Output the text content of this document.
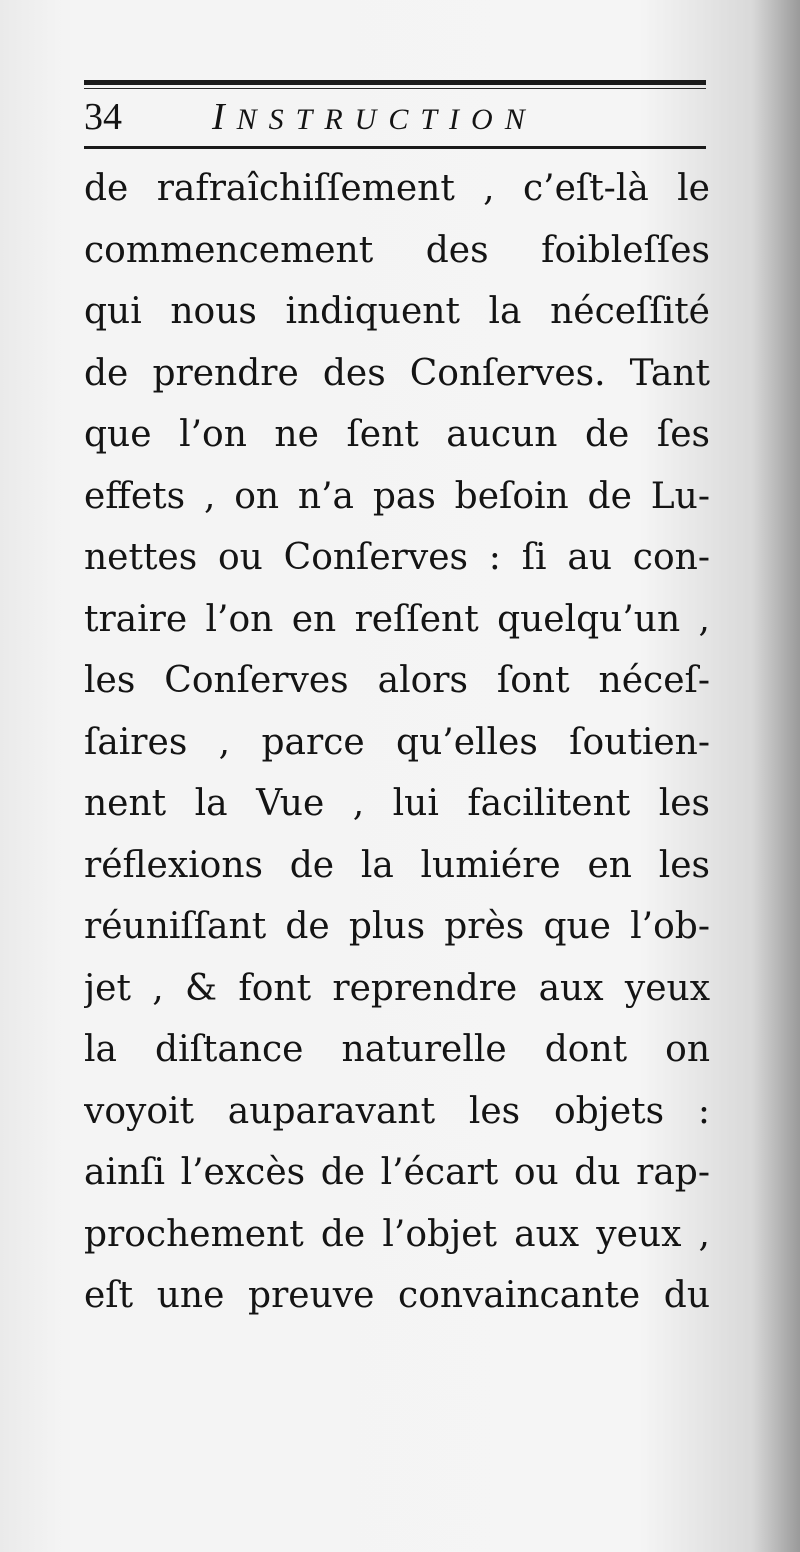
34 INSTRUCTION
de rafraîchiſſement , c’eſt-là le
commencement des foibleſſes
qui nous indiquent la néceſſité
de prendre des Conſerves. Tant
que l’on ne ſent aucun de ſes
effets , on n’a pas beſoin de Lu-
nettes ou Conſerves : ſi au con-
traire l’on en reſſent quelqu’un ,
les Conſerves alors ſont néceſ-
ſaires , parce qu’elles ſoutien-
nent la Vue , lui facilitent les
réflexions de la lumiére en les
réuniſſant de plus près que l’ob-
jet , & font reprendre aux yeux
la diſtance naturelle dont on
voyoit auparavant les objets :
ainſi l’excès de l’écart ou du rap-
prochement de l’objet aux yeux ,
eſt une preuve convaincante du
